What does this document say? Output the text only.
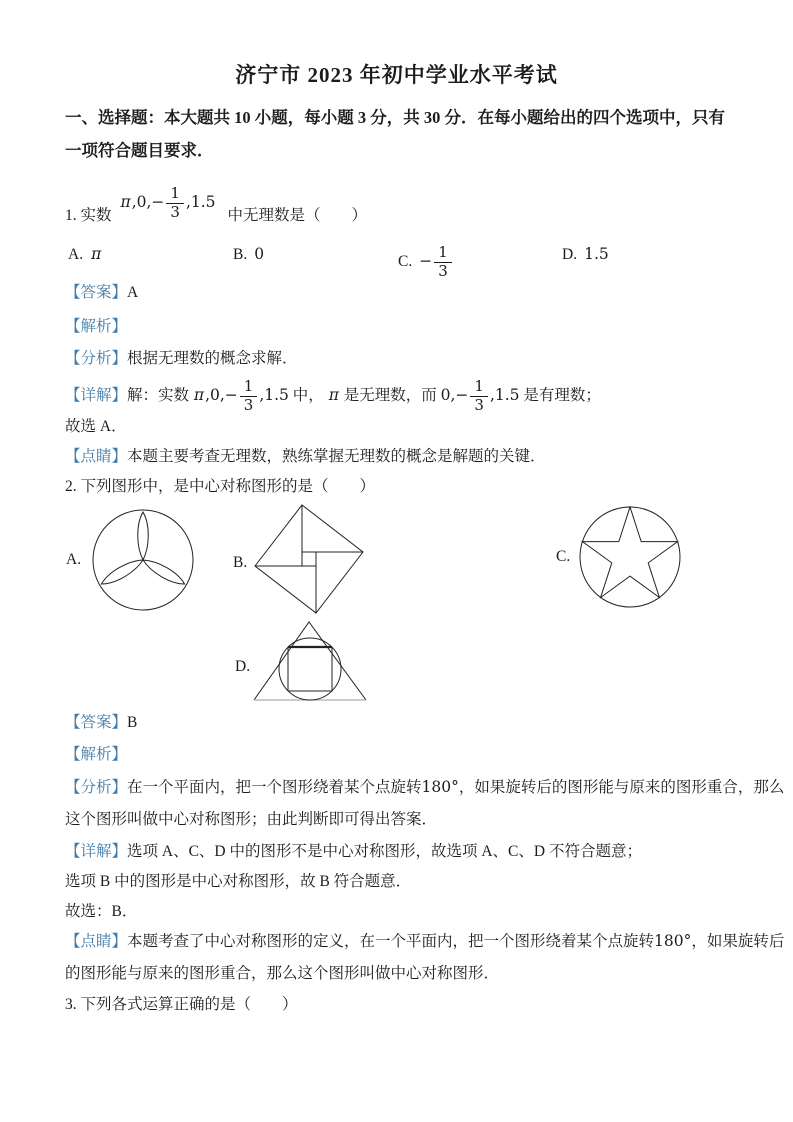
济宁市 2023 年初中学业水平考试
一、选择题：本大题共 10 小题，每小题 3 分，共 30 分．在每小题给出的四个选项中，只有
一项符合题目要求．
1. 实数$\pi,0,- \frac{1}{3} ,1.5$中无理数是（　　）
A. π	B. 0	C. − $\frac{1}{3}$	D. 1.5
【答案】A
【解析】
【分析】根据无理数的概念求解．
【详解】解：实数 $\pi,0,- \frac{1}{3} ,1.5$ 中， π 是无理数，而 $0,- \frac{1}{3} ,1.5$ 是有理数；
故选 A．
【点睛】本题主要考查无理数，熟练掌握无理数的概念是解题的关键．
2. 下列图形中，是中心对称图形的是（　　）
A.	B.	C.
D.
【答案】B
【解析】
【分析】在一个平面内，把一个图形绕着某个点旋转180°，如果旋转后的图形能与原来的图形重合，那么
这个图形叫做中心对称图形；由此判断即可得出答案．
【详解】选项 A、C、D 中的图形不是中心对称图形，故选项 A、C、D 不符合题意；
选项 B 中的图形是中心对称图形，故 B 符合题意．
故选：B．
【点睛】本题考查了中心对称图形的定义，在一个平面内，把一个图形绕着某个点旋转180°，如果旋转后
的图形能与原来的图形重合，那么这个图形叫做中心对称图形．
3. 下列各式运算正确的是（　　）
